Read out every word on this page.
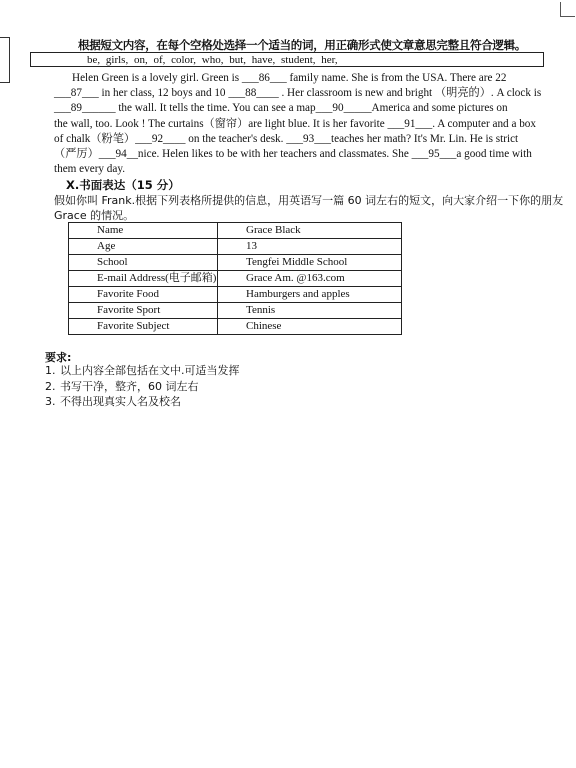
根据短文内容，在每个空格处选择一个适当的词，用正确形式使文章意思完整且符合逻辑。
be, girls, on, of, color, who, but, have, student, her,
Helen Green is a lovely girl. Green is ___86___ family name. She is from the USA. There are 22
___87___ in her class, 12 boys and 10 ___88____ . Her classroom is new and bright （明亮的）. A clock is
___89______ the wall. It tells the time. You can see a map___90_____America and some pictures on
the wall, too. Look ! The curtains（窗帘）are light blue. It is her favorite ___91___. A computer and a box
of chalk（粉笔）___92____ on the teacher's desk. ___93___teaches her math? It's Mr. Lin. He is strict
（严厉）___94__nice. Helen likes to be with her teachers and classmates. She ___95___a good time with
them every day.
X.书面表达（15 分）
假如你叫 Frank.根据下列表格所提供的信息，用英语写一篇 60 词左右的短文，向大家介绍一下你的朋友 Grace 的情况。
Name	Grace Black
Age	13
School	Tengfei Middle School
E-mail Address(电子邮箱)	Grace Am. @163.com
Favorite Food	Hamburgers and apples
Favorite Sport	Tennis
Favorite Subject	Chinese
要求:
1. 以上内容全部包括在文中.可适当发挥
2. 书写干净，整齐，60 词左右
3. 不得出现真实人名及校名
